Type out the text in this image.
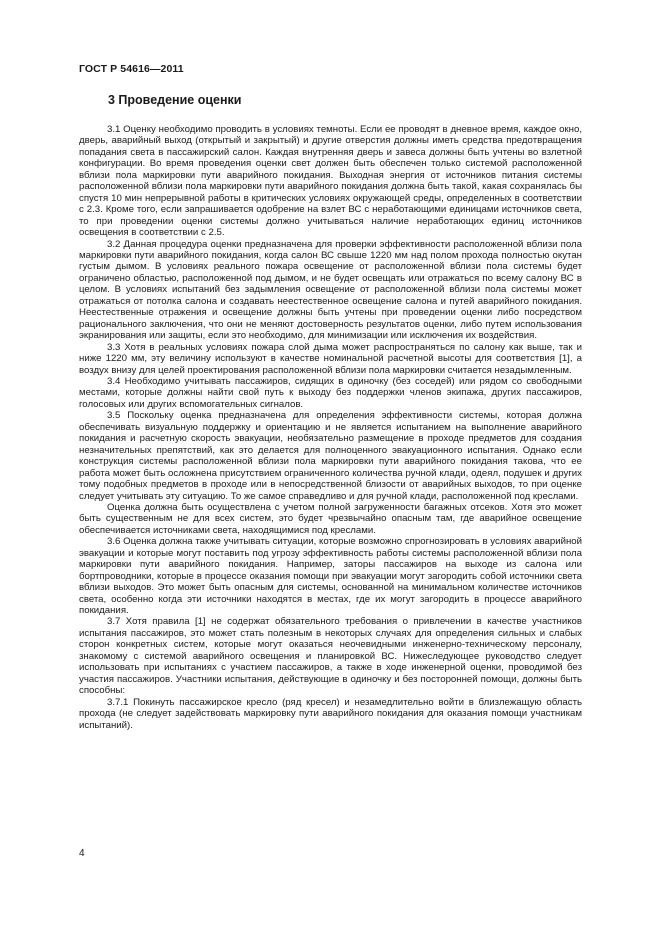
ГОСТ Р 54616—2011
3 Проведение оценки

3.1 Оценку необходимо проводить в условиях темноты. Если ее проводят в дневное время, каждое окно, дверь, аварийный выход (открытый и закрытый) и другие отверстия должны иметь средства предотвращения попадания света в пассажирский салон. Каждая внутренняя дверь и завеса должны быть учтены во взлетной конфигурации. Во время проведения оценки свет должен быть обеспечен только системой расположенной вблизи пола маркировки пути аварийного покидания. Выходная энергия от источников питания системы расположенной вблизи пола маркировки пути аварийного покидания должна быть такой, какая сохранялась бы спустя 10 мин непрерывной работы в критических условиях окружающей среды, определенных в соответствии с 2.3. Кроме того, если запрашивается одобрение на взлет ВС с неработающими единицами источников света, то при проведении оценки системы должно учитываться наличие неработающих единиц источников освещения в соответствии с 2.5.

3.2 Данная процедура оценки предназначена для проверки эффективности расположенной вблизи пола маркировки пути аварийного покидания, когда салон ВС свыше 1220 мм над полом прохода полностью окутан густым дымом. В условиях реального пожара освещение от расположенной вблизи пола системы будет ограничено областью, расположенной под дымом, и не будет освещать или отражаться по всему салону ВС в целом. В условиях испытаний без задымления освещение от расположенной вблизи пола системы может отражаться от потолка салона и создавать неестественное освещение салона и путей аварийного покидания. Неестественные отражения и освещение должны быть учтены при проведении оценки либо посредством рационального заключения, что они не меняют достоверность результатов оценки, либо путем использования экранирования или защиты, если это необходимо, для минимизации или исключения их воздействия.

3.3 Хотя в реальных условиях пожара слой дыма может распространяться по салону как выше, так и ниже 1220 мм, эту величину используют в качестве номинальной расчетной высоты для соответствия [1], а воздух внизу для целей проектирования расположенной вблизи пола маркировки считается незадымленным.

3.4 Необходимо учитывать пассажиров, сидящих в одиночку (без соседей) или рядом со свободными местами, которые должны найти свой путь к выходу без поддержки членов экипажа, других пассажиров, голосовых или других вспомогательных сигналов.

3.5 Поскольку оценка предназначена для определения эффективности системы, которая должна обеспечивать визуальную поддержку и ориентацию и не является испытанием на выполнение аварийного покидания и расчетную скорость эвакуации, необязательно размещение в проходе предметов для создания незначительных препятствий, как это делается для полноценного эвакуационного испытания. Однако если конструкция системы расположенной вблизи пола маркировки пути аварийного покидания такова, что ее работа может быть осложнена присутствием ограниченного количества ручной клади, одеял, подушек и других тому подобных предметов в проходе или в непосредственной близости от аварийных выходов, то при оценке следует учитывать эту ситуацию. То же самое справедливо и для ручной клади, расположенной под креслами.

Оценка должна быть осуществлена с учетом полной загруженности багажных отсеков. Хотя это может быть существенным не для всех систем, это будет чрезвычайно опасным там, где аварийное освещение обеспечивается источниками света, находящимися под креслами.

3.6 Оценка должна также учитывать ситуации, которые возможно спрогнозировать в условиях аварийной эвакуации и которые могут поставить под угрозу эффективность работы системы расположенной вблизи пола маркировки пути аварийного покидания. Например, заторы пассажиров на выходе из салона или бортпроводники, которые в процессе оказания помощи при эвакуации могут загородить собой источники света вблизи выходов. Это может быть опасным для системы, основанной на минимальном количестве источников света, особенно когда эти источники находятся в местах, где их могут загородить в процессе аварийного покидания.

3.7 Хотя правила [1] не содержат обязательного требования о привлечении в качестве участников испытания пассажиров, это может стать полезным в некоторых случаях для определения сильных и слабых сторон конкретных систем, которые могут оказаться неочевидными инженерно-техническому персоналу, знакомому с системой аварийного освещения и планировкой ВС. Нижеследующее руководство следует использовать при испытаниях с участием пассажиров, а также в ходе инженерной оценки, проводимой без участия пассажиров. Участники испытания, действующие в одиночку и без посторонней помощи, должны быть способны:

3.7.1 Покинуть пассажирское кресло (ряд кресел) и незамедлительно войти в близлежащую область прохода (не следует задействовать маркировку пути аварийного покидания для оказания помощи участникам испытаний).

4
